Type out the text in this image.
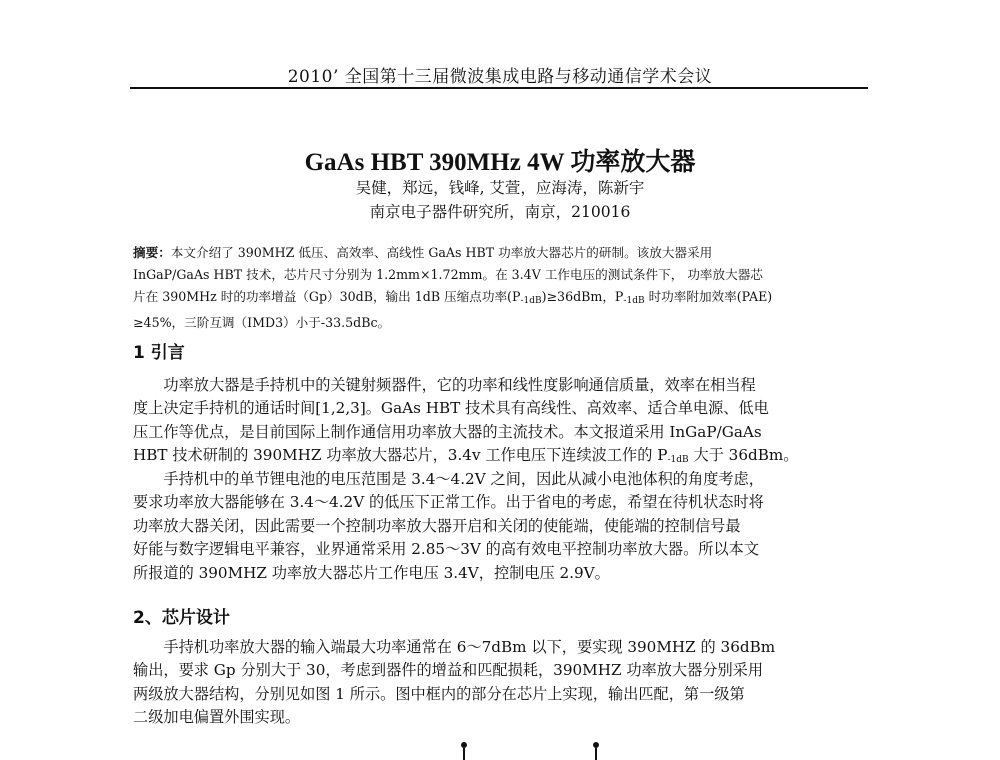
2010’ 全国第十三届微波集成电路与移动通信学术会议
GaAs HBT 390MHz 4W 功率放大器
吴健，郑远，钱峰, 艾萱，应海涛，陈新宇
南京电子器件研究所，南京，210016

摘要：本文介绍了 390MHZ 低压、高效率、高线性 GaAs HBT 功率放大器芯片的研制。该放大器采用

InGaP/GaAs HBT 技术，芯片尺寸分别为 1.2mm×1.72mm。在 3.4V 工作电压的测试条件下， 功率放大器芯

片在 390MHz 时的功率增益（Gp）30dB，输出 1dB 压缩点功率$(P_{-1dB})\ge 36dBm$，$P_{-1dB}$ 时功率附加效率(PAE)

≥45%，三阶互调（IMD3）小于-33.5dBc。

1 引言
功率放大器是手持机中的关键射频器件，它的功率和线性度影响通信质量，效率在相当程
度上决定手持机的通话时间[1,2,3]。GaAs HBT 技术具有高线性、高效率、适合单电源、低电
压工作等优点，是目前国际上制作通信用功率放大器的主流技术。本文报道采用 InGaP/GaAs
HBT 技术研制的 390MHZ 功率放大器芯片，3.4v 工作电压下连续波工作的 $P_{-1dB}$ 大于 36dBm。
手持机中的单节锂电池的电压范围是 3.4～4.2V 之间，因此从减小电池体积的角度考虑，
要求功率放大器能够在 3.4～4.2V 的低压下正常工作。出于省电的考虑，希望在待机状态时将
功率放大器关闭，因此需要一个控制功率放大器开启和关闭的使能端，使能端的控制信号最
好能与数字逻辑电平兼容，业界通常采用 2.85～3V 的高有效电平控制功率放大器。所以本文
所报道的 390MHZ 功率放大器芯片工作电压 3.4V，控制电压 2.9V。
2、芯片设计
手持机功率放大器的输入端最大功率通常在 6～7dBm 以下，要实现 390MHZ 的 36dBm
输出，要求 Gp 分别大于 30，考虑到器件的增益和匹配损耗，390MHZ 功率放大器分别采用
两级放大器结构，分别见如图 1 所示。图中框内的部分在芯片上实现，输出匹配，第一级第
二级加电偏置外围实现。
